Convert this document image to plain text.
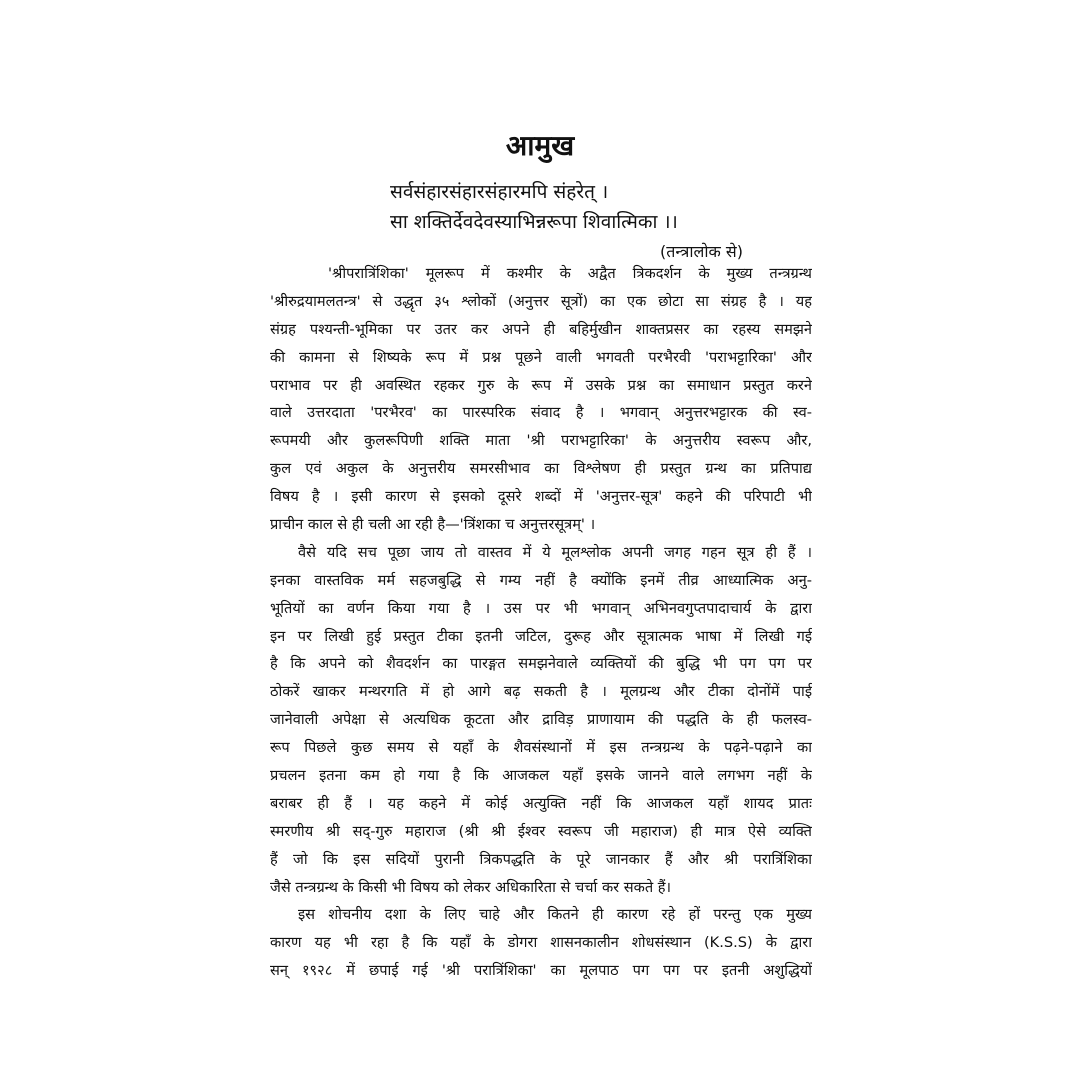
आमुख

सर्वसंहारसंहारसंहारमपि संहरेत् ।

सा शक्तिर्देवदेवस्याभिन्नरूपा शिवात्मिका ।।

(तन्त्रालोक से)

'श्रीपरात्रिंशिका' मूलरूप में कश्मीर के अद्वैत त्रिकदर्शन के मुख्य तन्त्रग्रन्थ
'श्रीरुद्रयामलतन्त्र' से उद्धृत ३५ श्लोकों (अनुत्तर सूत्रों) का एक छोटा सा संग्रह है । यह
संग्रह पश्यन्ती-भूमिका पर उतर कर अपने ही बहिर्मुखीन शाक्तप्रसर का रहस्य समझने
की कामना से शिष्यके रूप में प्रश्न पूछने वाली भगवती परभैरवी 'पराभट्टारिका' और
पराभाव पर ही अवस्थित रहकर गुरु के रूप में उसके प्रश्न का समाधान प्रस्तुत करने
वाले उत्तरदाता 'परभैरव' का पारस्परिक संवाद है । भगवान् अनुत्तरभट्टारक की स्व-
रूपमयी और कुलरूपिणी शक्ति माता 'श्री पराभट्टारिका' के अनुत्तरीय स्वरूप और,
कुल एवं अकुल के अनुत्तरीय समरसीभाव का विश्लेषण ही प्रस्तुत ग्रन्थ का प्रतिपाद्य
विषय है । इसी कारण से इसको दूसरे शब्दों में 'अनुत्तर-सूत्र' कहने की परिपाटी भी
प्राचीन काल से ही चली आ रही है—'त्रिंशका च अनुत्तरसूत्रम्' ।

वैसे यदि सच पूछा जाय तो वास्तव में ये मूलश्लोक अपनी जगह गहन सूत्र ही हैं ।
इनका वास्तविक मर्म सहजबुद्धि से गम्य नहीं है क्योंकि इनमें तीव्र आध्यात्मिक अनु-
भूतियों का वर्णन किया गया है । उस पर भी भगवान् अभिनवगुप्तपादाचार्य के द्वारा
इन पर लिखी हुई प्रस्तुत टीका इतनी जटिल, दुरूह और सूत्रात्मक भाषा में लिखी गई
है कि अपने को शैवदर्शन का पारङ्गत समझनेवाले व्यक्तियों की बुद्धि भी पग पग पर
ठोकरें खाकर मन्थरगति में हो आगे बढ़ सकती है । मूलग्रन्थ और टीका दोनोंमें पाई
जानेवाली अपेक्षा से अत्यधिक कूटता और द्राविड़ प्राणायाम की पद्धति के ही फलस्व-
रूप पिछले कुछ समय से यहाँ के शैवसंस्थानों में इस तन्त्रग्रन्थ के पढ़ने-पढ़ाने का
प्रचलन इतना कम हो गया है कि आजकल यहाँ इसके जानने वाले लगभग नहीं के
बराबर ही हैं । यह कहने में कोई अत्युक्ति नहीं कि आजकल यहाँ शायद प्रातः
स्मरणीय श्री सद्-गुरु महाराज (श्री श्री ईश्वर स्वरूप जी महाराज) ही मात्र ऐसे व्यक्ति
हैं जो कि इस सदियों पुरानी त्रिकपद्धति के पूरे जानकार हैं और श्री परात्रिंशिका
जैसे तन्त्रग्रन्थ के किसी भी विषय को लेकर अधिकारिता से चर्चा कर सकते हैं।

इस शोचनीय दशा के लिए चाहे और कितने ही कारण रहे हों परन्तु एक मुख्य
कारण यह भी रहा है कि यहाँ के डोगरा शासनकालीन शोधसंस्थान (K.S.S) के द्वारा
सन् १९२८ में छपाई गई 'श्री परात्रिंशिका' का मूलपाठ पग पग पर इतनी अशुद्धियों
